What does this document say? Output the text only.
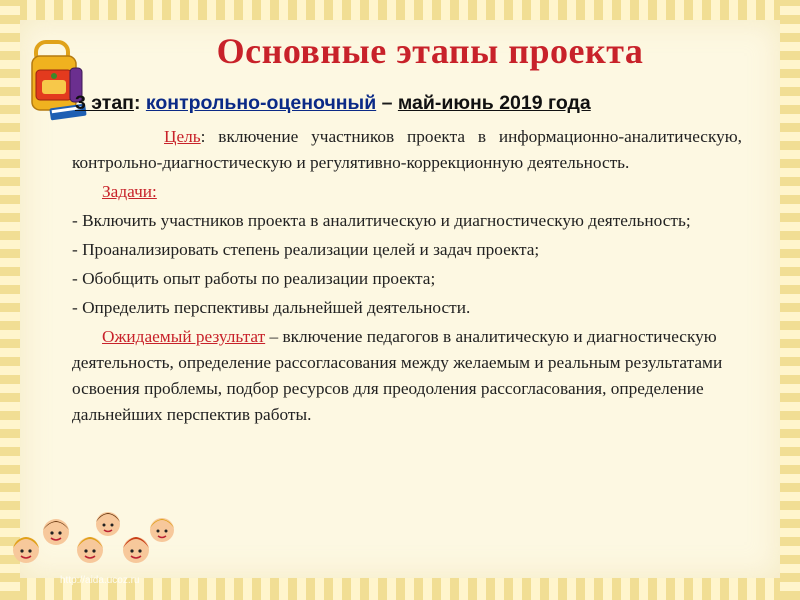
Основные этапы проекта
3 этап: контрольно-оценочный – май-июнь 2019 года

Цель: включение участников проекта в информационно-аналитическую, контрольно-диагностическую и регулятивно-коррекционную деятельность.

Задачи:

- Включить участников проекта в аналитическую и диагностическую деятельность;

- Проанализировать степень реализации целей и задач проекта;

- Обобщить опыт работы по реализации проекта;

- Определить перспективы дальнейшей деятельности.

Ожидаемый результат – включение педагогов в аналитическую и диагностическую деятельность, определение рассогласования между желаемым и реальным результатами освоения проблемы, подбор ресурсов для преодоления рассогласования, определение дальнейших перспектив работы.

http://aida.ucoz.ru
